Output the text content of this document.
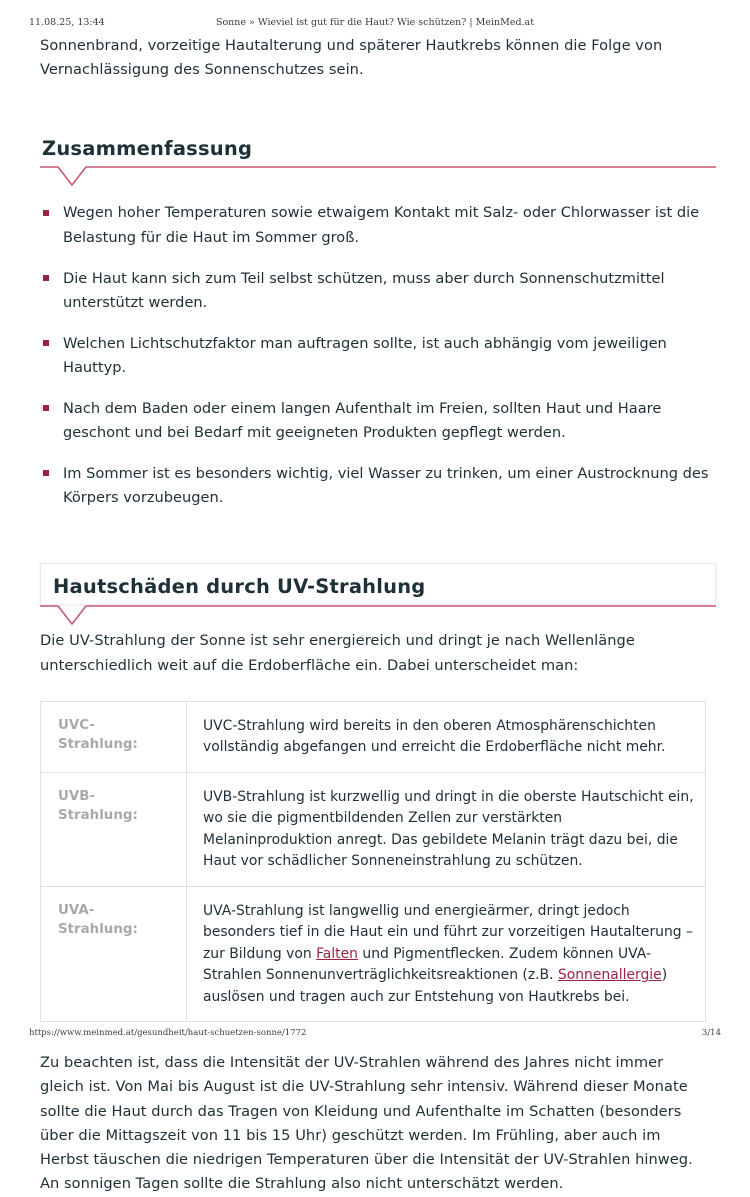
11.08.25, 13:44	Sonne » Wieviel ist gut für die Haut? Wie schützen? | MeinMed.at

Sonnenbrand, vorzeitige Hautalterung und späterer Hautkrebs können die Folge von Vernachlässigung des Sonnenschutzes sein.

Zusammenfassung
Wegen hoher Temperaturen sowie etwaigem Kontakt mit Salz- oder Chlorwasser ist die Belastung für die Haut im Sommer groß.
Die Haut kann sich zum Teil selbst schützen, muss aber durch Sonnenschutzmittel unterstützt werden.
Welchen Lichtschutzfaktor man auftragen sollte, ist auch abhängig vom jeweiligen Hauttyp.
Nach dem Baden oder einem langen Aufenthalt im Freien, sollten Haut und Haare geschont und bei Bedarf mit geeigneten Produkten gepflegt werden.
Im Sommer ist es besonders wichtig, viel Wasser zu trinken, um einer Austrocknung des Körpers vorzubeugen.
Hautschäden durch UV-Strahlung

Die UV-Strahlung der Sonne ist sehr energiereich und dringt je nach Wellenlänge unterschiedlich weit auf die Erdoberfläche ein. Dabei unterscheidet man:

UVC-Strahlung:	UVC-Strahlung wird bereits in den oberen Atmosphärenschichten vollständig abgefangen und erreicht die Erdoberfläche nicht mehr.
UVB-Strahlung:	UVB-Strahlung ist kurzwellig und dringt in die oberste Hautschicht ein, wo sie die pigmentbildenden Zellen zur verstärkten Melaninproduktion anregt. Das gebildete Melanin trägt dazu bei, die Haut vor schädlicher Sonneneinstrahlung zu schützen.
UVA-Strahlung:	UVA-Strahlung ist langwellig und energieärmer, dringt jedoch besonders tief in die Haut ein und führt zur vorzeitigen Hautalterung – zur Bildung von Falten und Pigmentflecken. Zudem können UVA-Strahlen Sonnenunverträglichkeitsreaktionen (z.B. Sonnenallergie) auslösen und tragen auch zur Entstehung von Hautkrebs bei.

Zu beachten ist, dass die Intensität der UV-Strahlen während des Jahres nicht immer gleich ist. Von Mai bis August ist die UV-Strahlung sehr intensiv. Während dieser Monate sollte die Haut durch das Tragen von Kleidung und Aufenthalte im Schatten (besonders über die Mittagszeit von 11 bis 15 Uhr) geschützt werden. Im Frühling, aber auch im Herbst täuschen die niedrigen Temperaturen über die Intensität der UV-Strahlen hinweg. An sonnigen Tagen sollte die Strahlung also nicht unterschätzt werden.

https://www.meinmed.at/gesundheit/haut-schuetzen-sonne/1772	3/14
